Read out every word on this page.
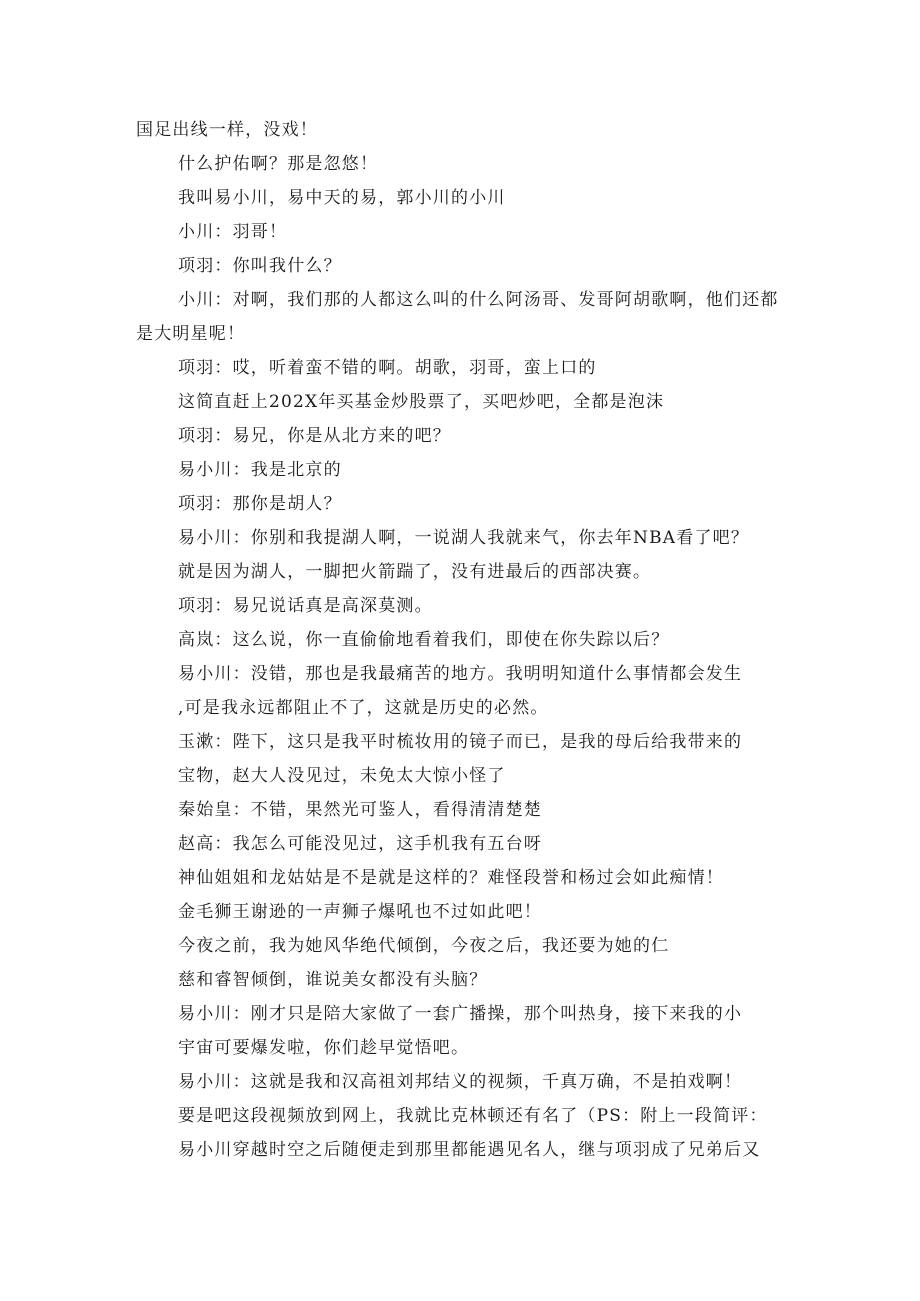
国足出线一样，没戏！
什么护佑啊？那是忽悠！
我叫易小川，易中天的易，郭小川的小川
小川：羽哥！
项羽：你叫我什么？
小川：对啊，我们那的人都这么叫的什么阿汤哥、发哥阿胡歌啊，他们还都
是大明星呢！
项羽：哎，听着蛮不错的啊。胡歌，羽哥，蛮上口的
这简直赶上202X年买基金炒股票了，买吧炒吧，全都是泡沫
项羽：易兄，你是从北方来的吧？
易小川：我是北京的
项羽：那你是胡人？
易小川：你别和我提湖人啊，一说湖人我就来气，你去年NBA看了吧？
就是因为湖人，一脚把火箭踹了，没有进最后的西部决赛。
项羽：易兄说话真是高深莫测。
高岚：这么说，你一直偷偷地看着我们，即使在你失踪以后？
易小川：没错，那也是我最痛苦的地方。我明明知道什么事情都会发生
,可是我永远都阻止不了，这就是历史的必然。
玉漱：陛下，这只是我平时梳妆用的镜子而已，是我的母后给我带来的
宝物，赵大人没见过，未免太大惊小怪了
秦始皇：不错，果然光可鉴人，看得清清楚楚
赵高：我怎么可能没见过，这手机我有五台呀
神仙姐姐和龙姑姑是不是就是这样的？难怪段誉和杨过会如此痴情！
金毛狮王谢逊的一声狮子爆吼也不过如此吧！
今夜之前，我为她风华绝代倾倒，今夜之后，我还要为她的仁
慈和睿智倾倒，谁说美女都没有头脑？
易小川：刚才只是陪大家做了一套广播操，那个叫热身，接下来我的小
宇宙可要爆发啦，你们趁早觉悟吧。
易小川：这就是我和汉高祖刘邦结义的视频，千真万确，不是拍戏啊！
要是吧这段视频放到网上，我就比克林顿还有名了（PS：附上一段简评：
易小川穿越时空之后随便走到那里都能遇见名人，继与项羽成了兄弟后又
